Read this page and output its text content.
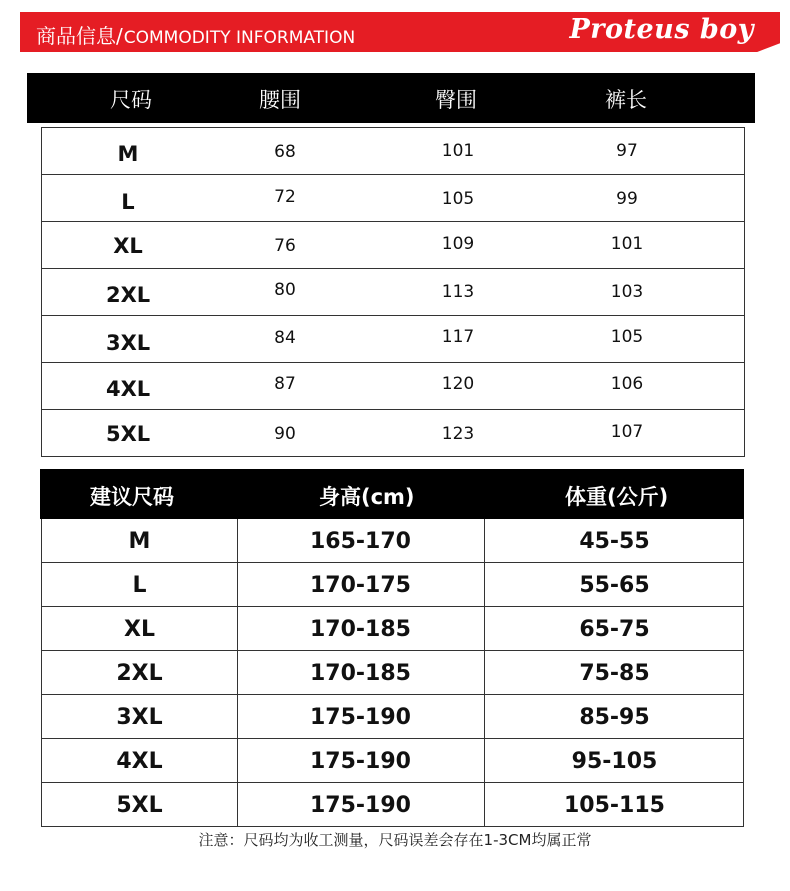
商品信息/ COMMODITY INFORMATION	Proteus boy
尺码	腰围	臀围	裤长
M	68	101	97
L	72	105	99
XL	76	109	101
2XL	80	113	103
3XL	84	117	105
4XL	87	120	106
5XL	90	123	107
建议尺码	身高(cm)	体重(公斤)
M	165-170	45-55
L	170-175	55-65
XL	170-185	65-75
2XL	170-185	75-85
3XL	175-190	85-95
4XL	175-190	95-105
5XL	175-190	105-115
注意：尺码均为收工测量，尺码误差会存在1-3CM均属正常
